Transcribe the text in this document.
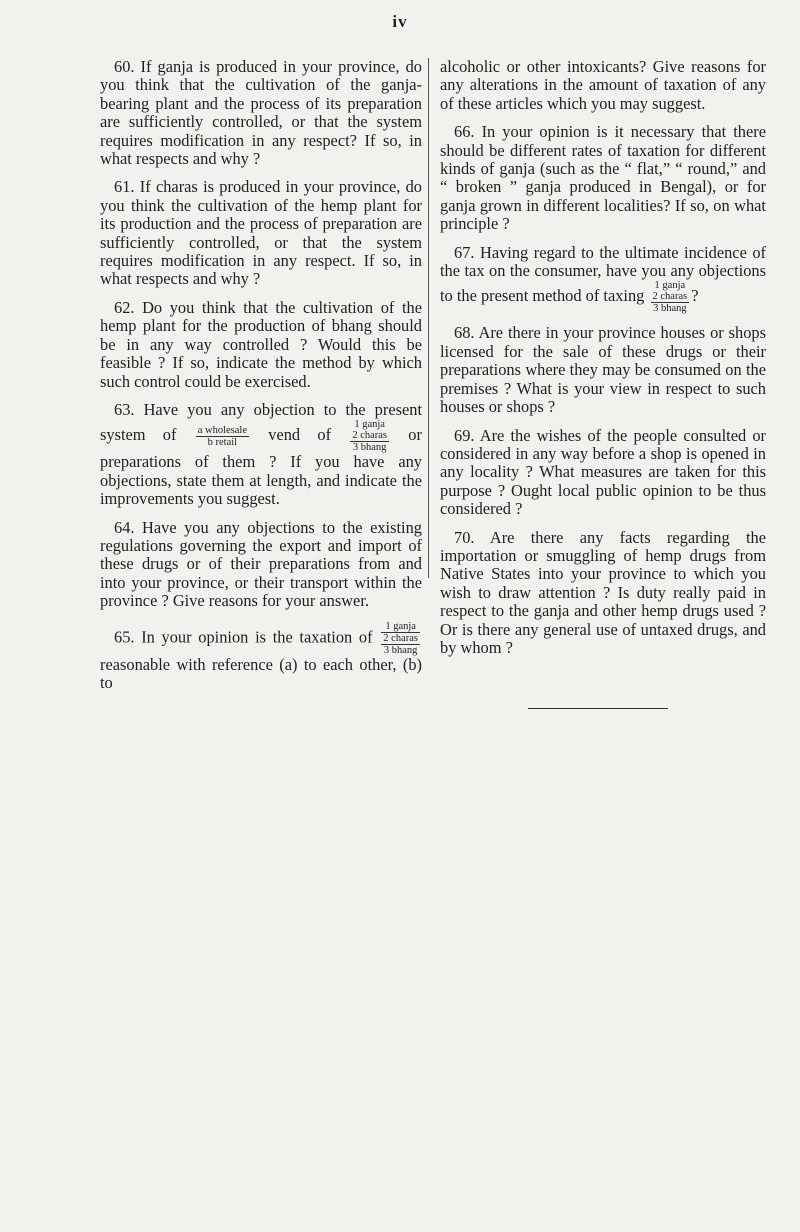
iv

60. If ganja is produced in your province, do you think that the cultivation of the ganja-bearing plant and the process of its preparation are sufficiently controlled, or that the system requires modification in any respect? If so, in what respects and why ?

61. If charas is produced in your province, do you think the cultivation of the hemp plant for its production and the process of preparation are sufficiently controlled, or that the system requires modification in any respect. If so, in what respects and why ?

62. Do you think that the cultivation of the hemp plant for the production of bhang should be in any way controlled ? Would this be feasible ? If so, indicate the method by which such control could be exercised.

63. Have you any objection to the present system of $\frac{\text{a wholesale}}{\text{b retail}}$ vend of
1 ganja
2 charas
3 bhang
or preparations of them ? If you have any objections, state them at length, and indicate the improvements you suggest.

64. Have you any objections to the existing regulations governing the export and import of these drugs or of their preparations from and into your province, or their transport within the province ? Give reasons for your answer.

65. In your opinion is the taxation of
1 ganja
2 charas
3 bhang
reasonable with reference (a) to each other, (b) to

alcoholic or other intoxicants? Give reasons for any alterations in the amount of taxation of any of these articles which you may suggest.

66. In your opinion is it necessary that there should be different rates of taxation for different kinds of ganja (such as the “ flat,” “ round,” and “ broken ” ganja produced in Bengal), or for ganja grown in different localities? If so, on what principle ?

67. Having regard to the ultimate incidence of the tax on the consumer, have you any objections to the present method of taxing
1 ganja
2 charas
3 bhang
?

68. Are there in your province houses or shops licensed for the sale of these drugs or their preparations where they may be consumed on the premises ? What is your view in respect to such houses or shops ?

69. Are the wishes of the people consulted or considered in any way before a shop is opened in any locality ? What measures are taken for this purpose ? Ought local public opinion to be thus considered ?

70. Are there any facts regarding the importation or smuggling of hemp drugs from Native States into your province to which you wish to draw attention ? Is duty really paid in respect to the ganja and other hemp drugs used ? Or is there any general use of untaxed drugs, and by whom ?
